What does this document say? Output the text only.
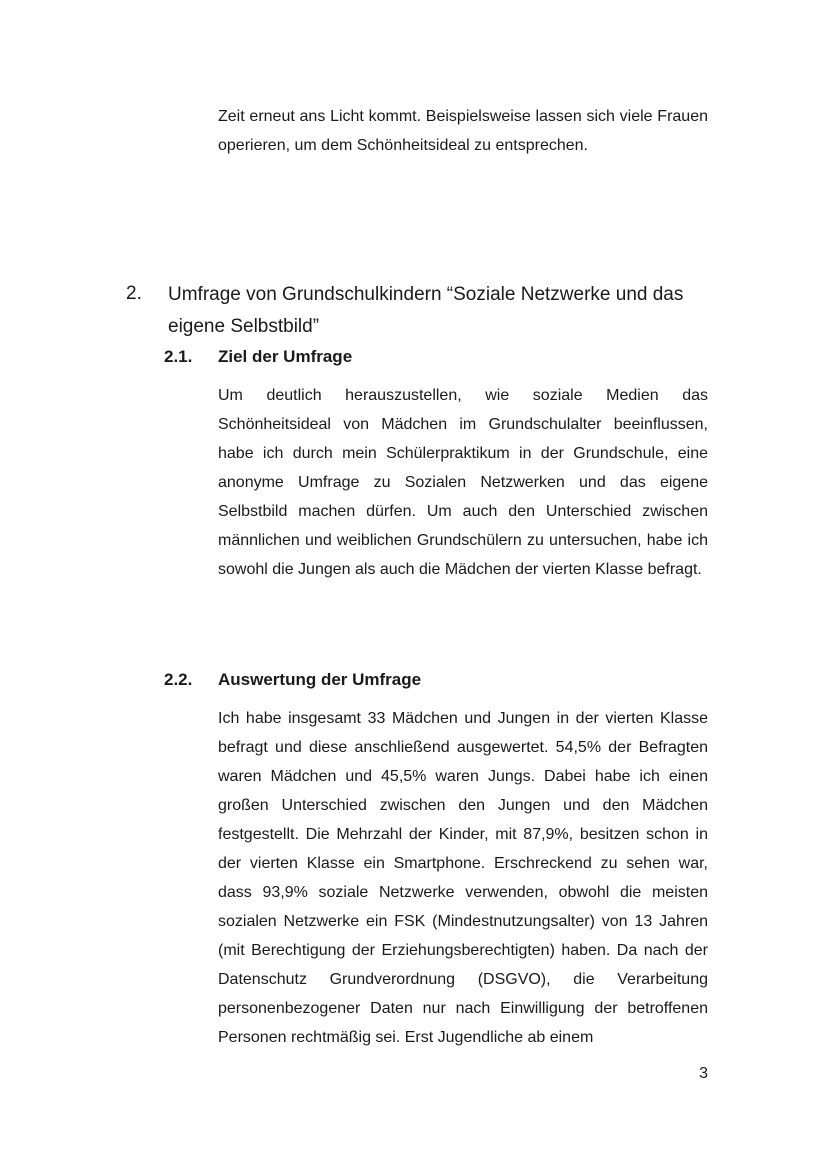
Zeit erneut ans Licht kommt. Beispielsweise lassen sich viele Frauen operieren, um dem Schönheitsideal zu entsprechen.

2. Umfrage von Grundschulkindern “Soziale Netzwerke und das eigene Selbstbild”

2.1. Ziel der Umfrage

Um deutlich herauszustellen, wie soziale Medien das Schönheitsideal von Mädchen im Grundschulalter beeinflussen, habe ich durch mein Schülerpraktikum in der Grundschule, eine anonyme Umfrage zu Sozialen Netzwerken und das eigene Selbstbild machen dürfen. Um auch den Unterschied zwischen männlichen und weiblichen Grundschülern zu untersuchen, habe ich sowohl die Jungen als auch die Mädchen der vierten Klasse befragt.

2.2. Auswertung der Umfrage

Ich habe insgesamt 33 Mädchen und Jungen in der vierten Klasse befragt und diese anschließend ausgewertet. 54,5% der Befragten waren Mädchen und 45,5% waren Jungs. Dabei habe ich einen großen Unterschied zwischen den Jungen und den Mädchen festgestellt. Die Mehrzahl der Kinder, mit 87,9%, besitzen schon in der vierten Klasse ein Smartphone. Erschreckend zu sehen war, dass 93,9% soziale Netzwerke verwenden, obwohl die meisten sozialen Netzwerke ein FSK (Mindestnutzungsalter) von 13 Jahren (mit Berechtigung der Erziehungsberechtigten) haben. Da nach der Datenschutz Grundverordnung (DSGVO), die Verarbeitung personenbezogener Daten nur nach Einwilligung der betroffenen Personen rechtmäßig sei. Erst Jugendliche ab einem

3
